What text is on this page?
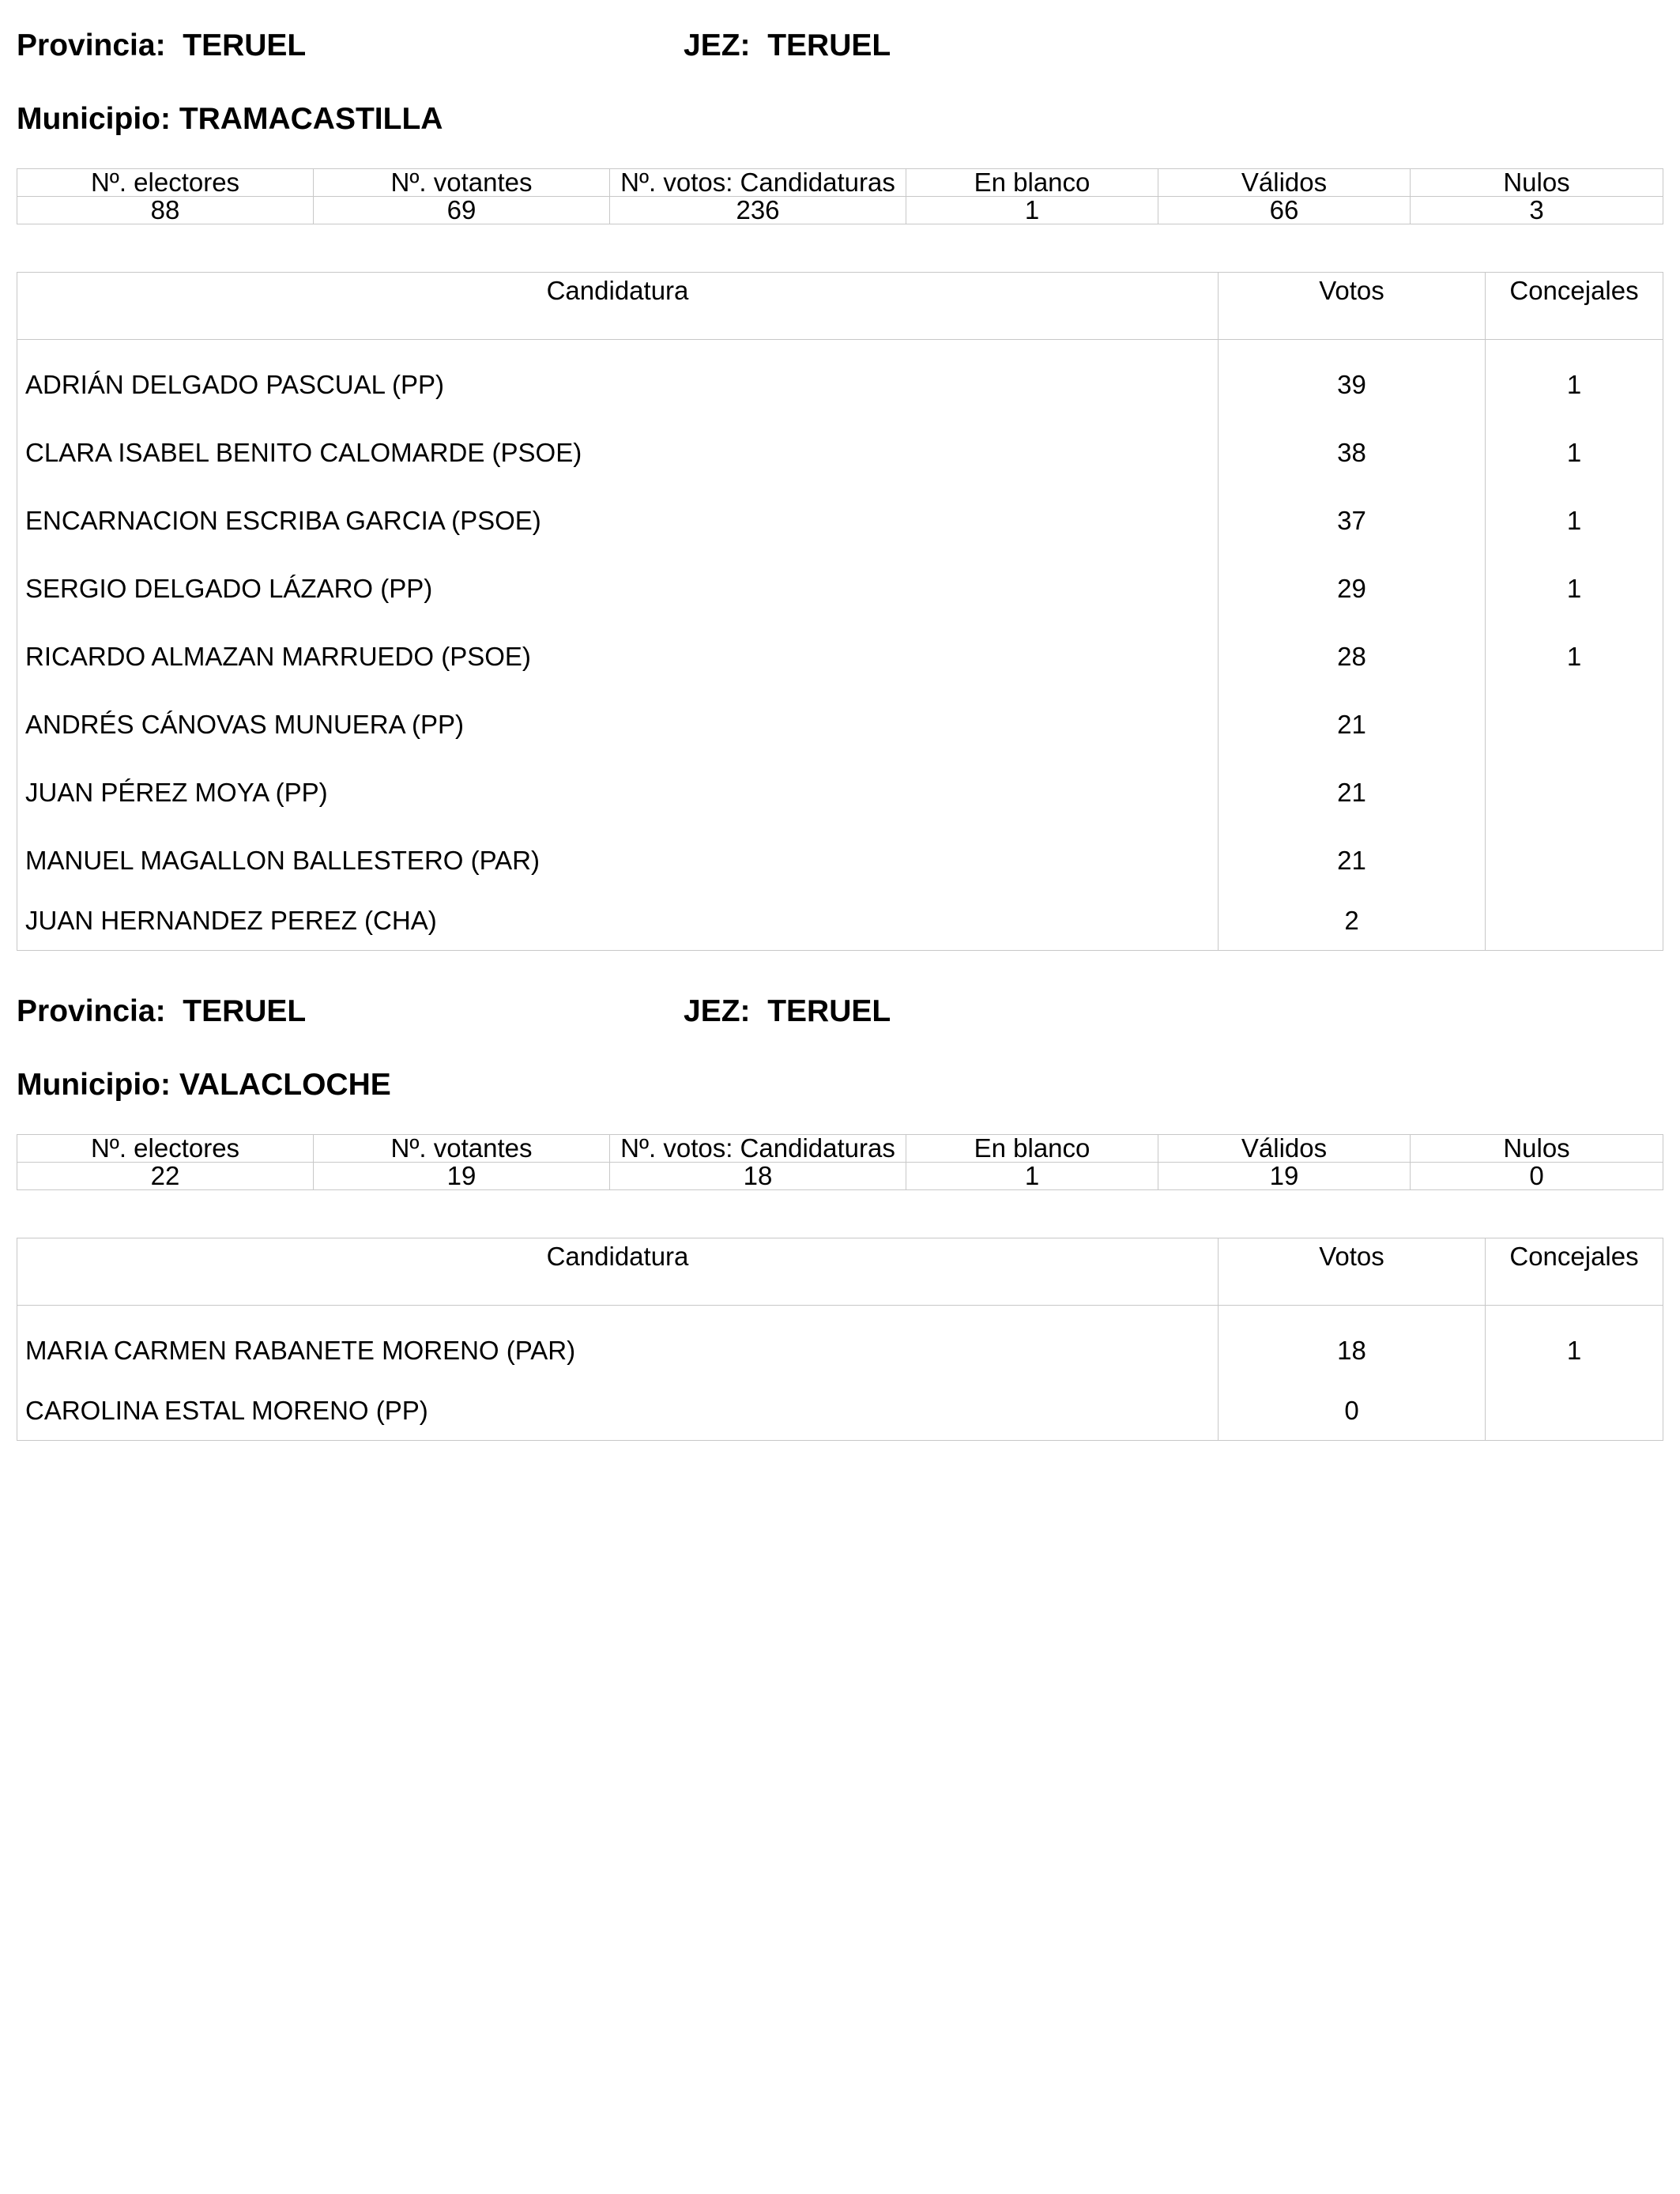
Provincia: TERUEL	JEZ: TERUEL
Municipio: TRAMACASTILLA
Nº. electores	Nº. votantes	Nº. votos: Candidaturas	En blanco	Válidos	Nulos
88	69	236	1	66	3
Candidatura	Votos	Concejales
ADRIÁN DELGADO PASCUAL (PP)	39	1
CLARA ISABEL BENITO CALOMARDE (PSOE)	38	1
ENCARNACION ESCRIBA GARCIA (PSOE)	37	1
SERGIO DELGADO LÁZARO (PP)	29	1
RICARDO ALMAZAN MARRUEDO (PSOE)	28	1
ANDRÉS CÁNOVAS MUNUERA (PP)	21	
JUAN PÉREZ MOYA (PP)	21	
MANUEL MAGALLON BALLESTERO (PAR)	21	
JUAN HERNANDEZ PEREZ (CHA)	2	
Provincia: TERUEL	JEZ: TERUEL
Municipio: VALACLOCHE
Nº. electores	Nº. votantes	Nº. votos: Candidaturas	En blanco	Válidos	Nulos
22	19	18	1	19	0
Candidatura	Votos	Concejales
MARIA CARMEN RABANETE MORENO (PAR)	18	1
CAROLINA ESTAL MORENO (PP)	0	
